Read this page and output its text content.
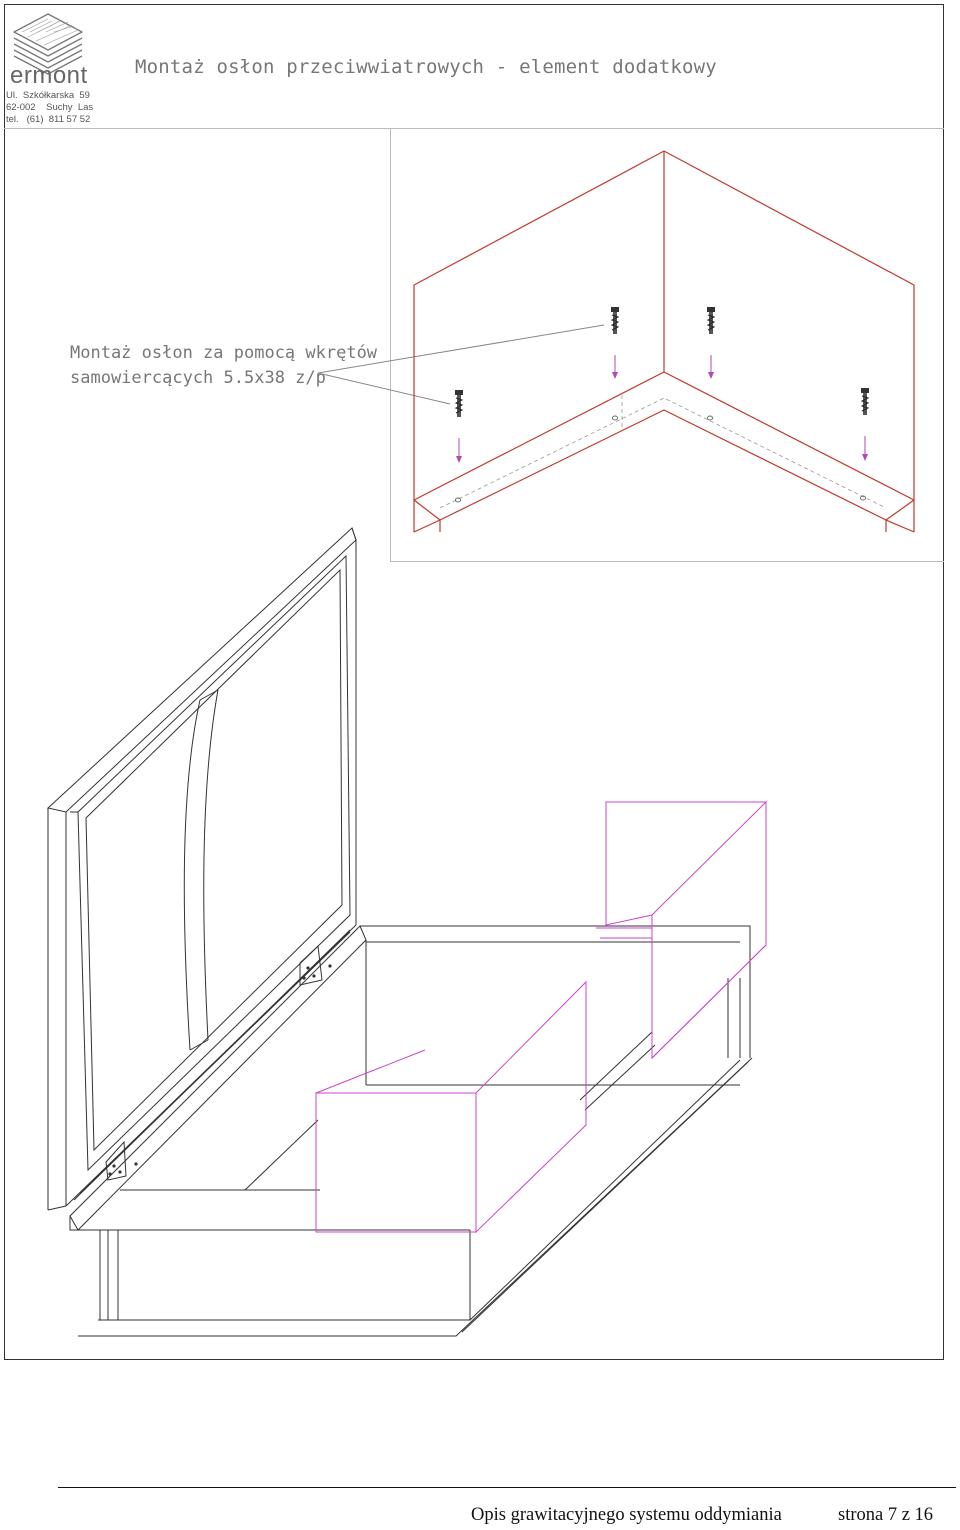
ermont
Ul.  Szkółkarska  59
62-002    Suchy  Las
tel.   (61)  811 57 52
Montaż osłon przeciwwiatrowych - element dodatkowy
Montaż osłon za pomocą wkrętów
samowiercących 5.5x38 z/p
Opis grawitacyjnego systemu oddymiania	strona 7 z 16
